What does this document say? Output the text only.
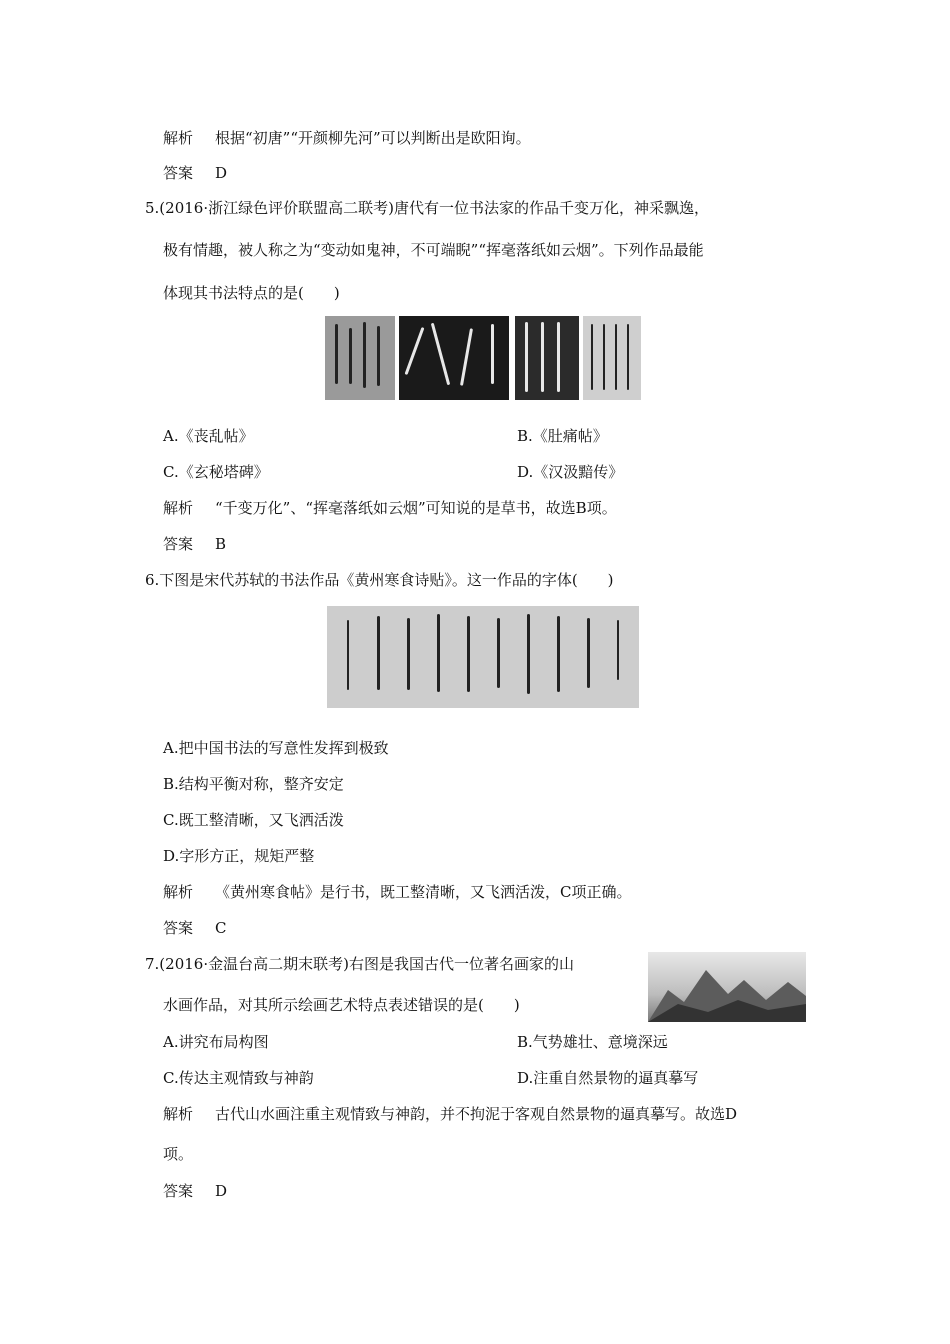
解析 根据“初唐”“开颜柳先河”可以判断出是欧阳询。
答案 D
5.(2016·浙江绿色评价联盟高二联考)唐代有一位书法家的作品千变万化，神采飘逸，
极有情趣，被人称之为“变动如鬼神，不可端睨”“挥毫落纸如云烟”。下列作品最能
体现其书法特点的是(　　)
A.《丧乱帖》	B.《肚痛帖》
C.《玄秘塔碑》	D.《汉汲黯传》
解析 “千变万化”、“挥毫落纸如云烟”可知说的是草书，故选B项。
答案 B
6.下图是宋代苏轼的书法作品《黄州寒食诗贴》。这一作品的字体(　　)
A.把中国书法的写意性发挥到极致
B.结构平衡对称，整齐安定
C.既工整清晰，又飞洒活泼
D.字形方正，规矩严整
解析 《黄州寒食帖》是行书，既工整清晰，又飞洒活泼，C项正确。
答案 C
7.(2016·金温台高二期末联考)右图是我国古代一位著名画家的山
水画作品，对其所示绘画艺术特点表述错误的是(　　)
A.讲究布局构图	B.气势雄壮、意境深远
C.传达主观情致与神韵	D.注重自然景物的逼真摹写
解析 古代山水画注重主观情致与神韵，并不拘泥于客观自然景物的逼真摹写。故选D
项。
答案 D
